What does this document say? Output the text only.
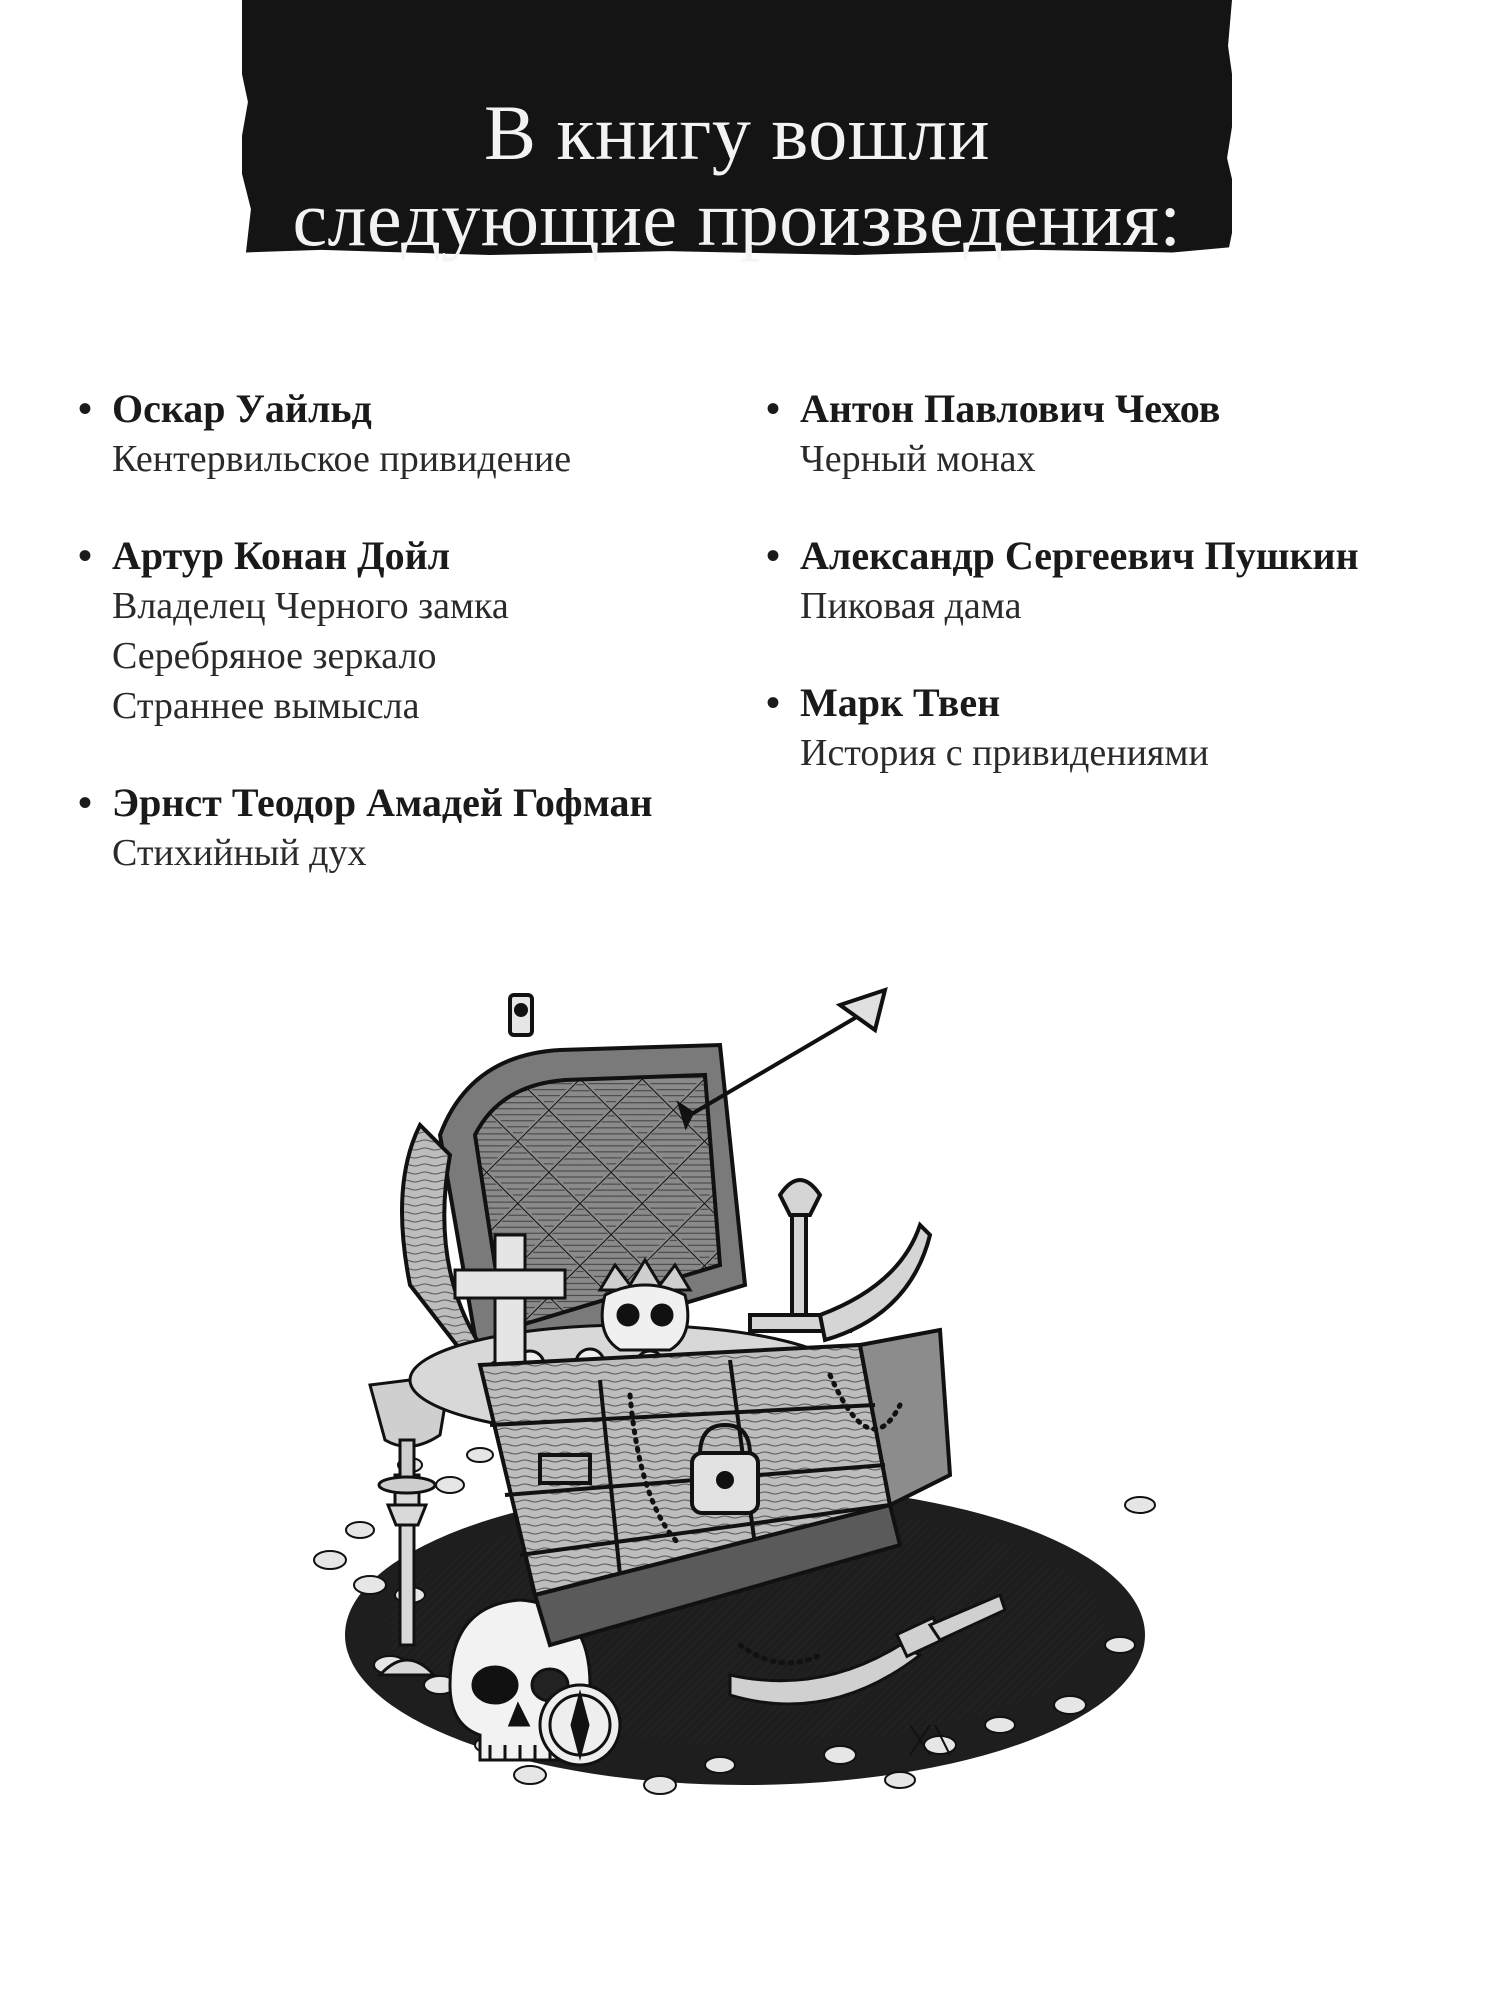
В книгу вошли
следующие произведения:
• Оскар Уайльд
Кентервильское привидение
• Артур Конан Дойл
Владелец Черного замка
Серебряное зеркало
Страннее вымысла
• Эрнст Теодор Амадей Гофман
Стихийный дух
• Антон Павлович Чехов
Черный монах
• Александр Сергеевич Пушкин
Пиковая дама
• Марк Твен
История с привидениями
